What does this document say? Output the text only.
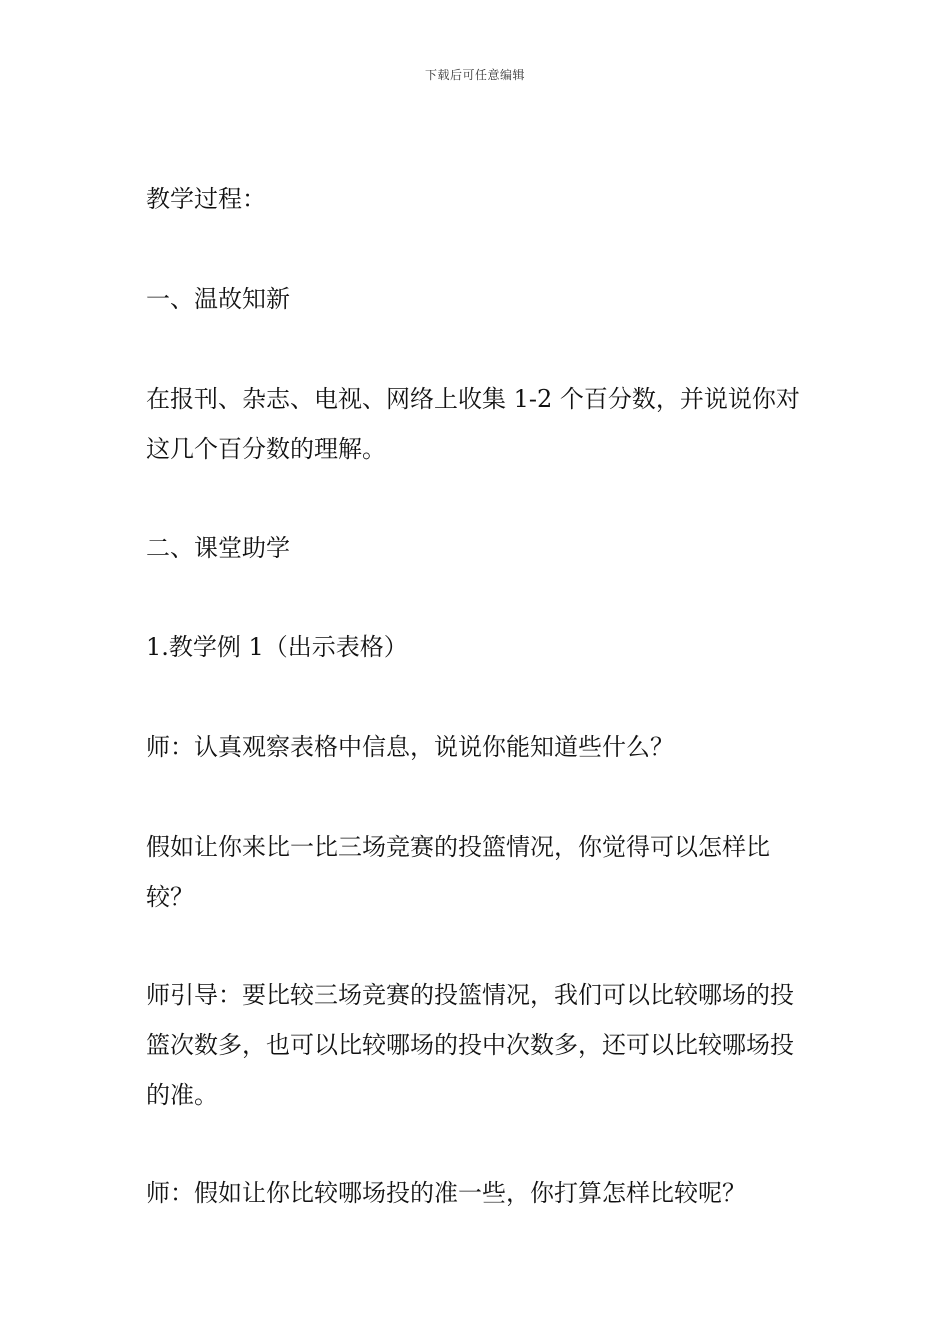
下载后可任意编辑

教学过程：

一、温故知新

在报刊、杂志、电视、网络上收集 1-2 个百分数，并说说你对这几个百分数的理解。

二、课堂助学

1.教学例 1（出示表格）

师：认真观察表格中信息，说说你能知道些什么？

假如让你来比一比三场竞赛的投篮情况，你觉得可以怎样比较？

师引导：要比较三场竞赛的投篮情况，我们可以比较哪场的投篮次数多，也可以比较哪场的投中次数多，还可以比较哪场投的准。

师：假如让你比较哪场投的准一些，你打算怎样比较呢？
